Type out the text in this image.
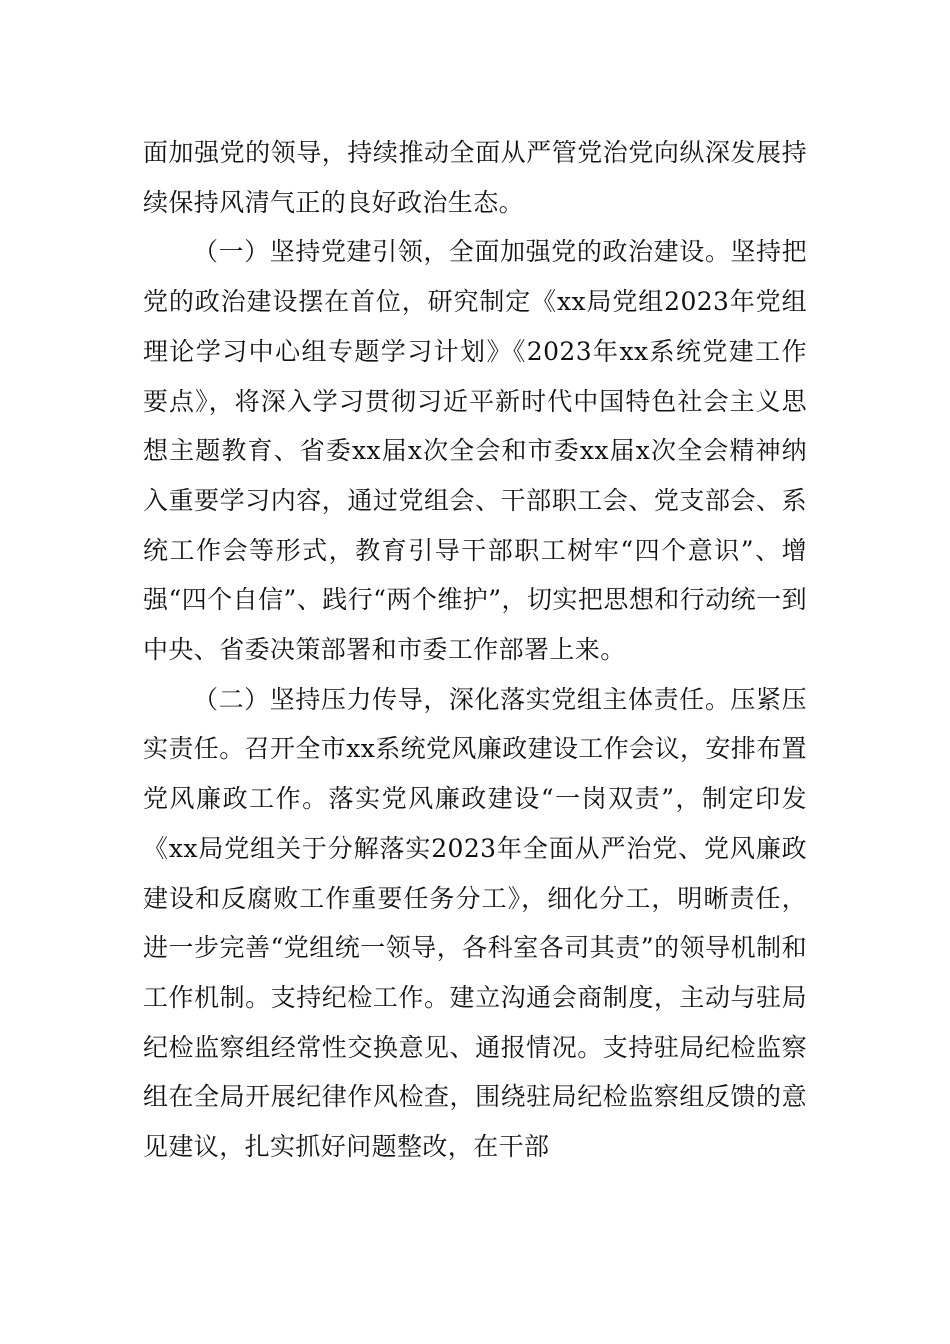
面加强党的领导，持续推动全面从严管党治党向纵深发展持续保持风清气正的良好政治生态。

（一）坚持党建引领，全面加强党的政治建设。坚持把党的政治建设摆在首位，研究制定《xx局党组2023年党组理论学习中心组专题学习计划》《2023年xx系统党建工作要点》，将深入学习贯彻习近平新时代中国特色社会主义思想主题教育、省委xx届x次全会和市委xx届x次全会精神纳入重要学习内容，通过党组会、干部职工会、党支部会、系统工作会等形式，教育引导干部职工树牢“四个意识”、增强“四个自信”、践行“两个维护”，切实把思想和行动统一到中央、省委决策部署和市委工作部署上来。

（二）坚持压力传导，深化落实党组主体责任。压紧压实责任。召开全市xx系统党风廉政建设工作会议，安排布置党风廉政工作。落实党风廉政建设“一岗双责”，制定印发《xx局党组关于分解落实2023年全面从严治党、党风廉政建设和反腐败工作重要任务分工》，细化分工，明晰责任，进一步完善“党组统一领导，各科室各司其责”的领导机制和工作机制。支持纪检工作。建立沟通会商制度，主动与驻局纪检监察组经常性交换意见、通报情况。支持驻局纪检监察组在全局开展纪律作风检查，围绕驻局纪检监察组反馈的意见建议，扎实抓好问题整改，在干部
